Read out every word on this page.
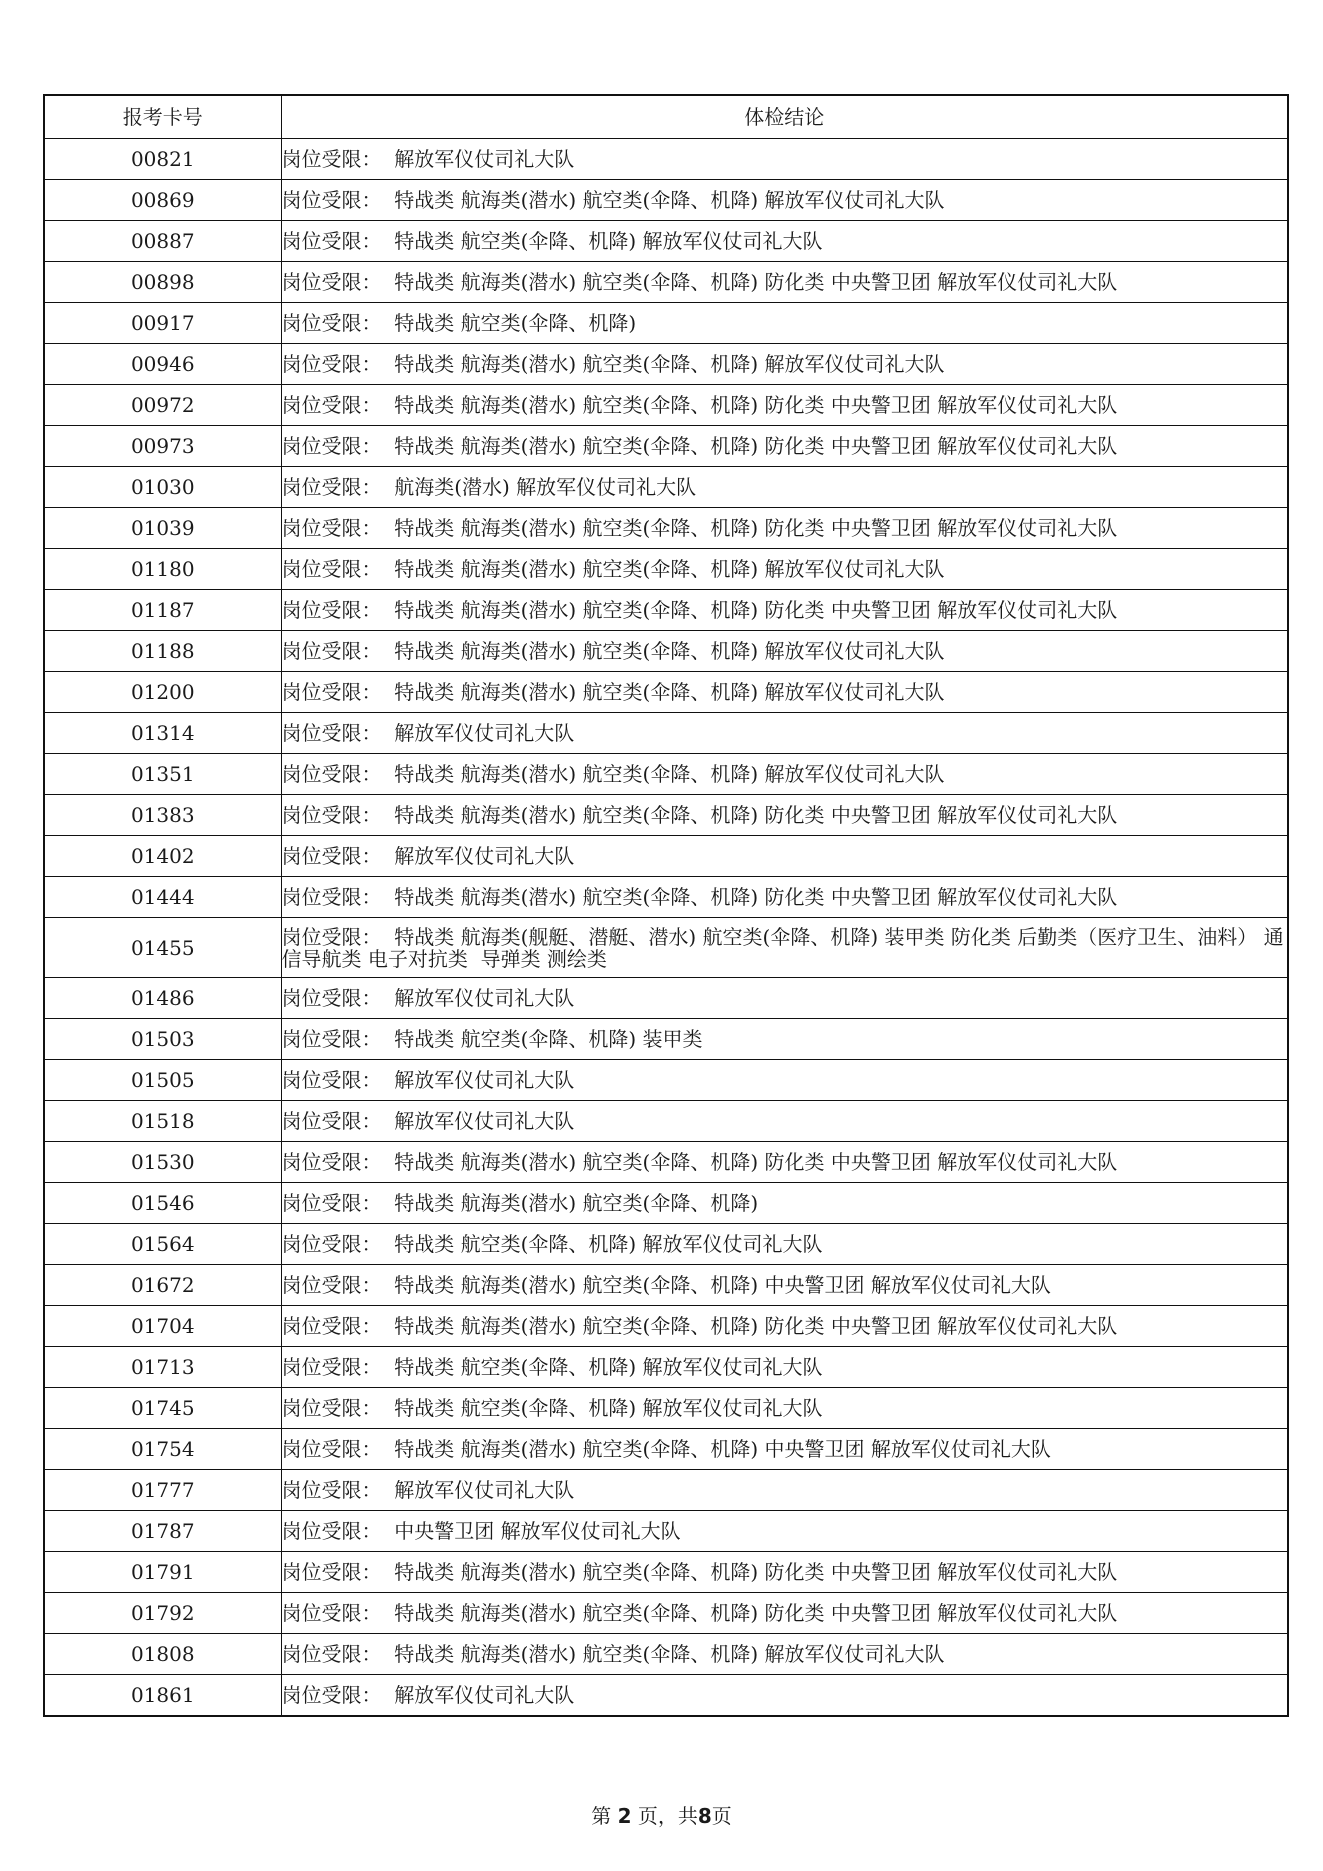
报考卡号	体检结论
00821	岗位受限：  解放军仪仗司礼大队
00869	岗位受限：  特战类 航海类(潜水) 航空类(伞降、机降) 解放军仪仗司礼大队
00887	岗位受限：  特战类 航空类(伞降、机降) 解放军仪仗司礼大队
00898	岗位受限：  特战类 航海类(潜水) 航空类(伞降、机降) 防化类 中央警卫团 解放军仪仗司礼大队
00917	岗位受限：  特战类 航空类(伞降、机降)
00946	岗位受限：  特战类 航海类(潜水) 航空类(伞降、机降) 解放军仪仗司礼大队
00972	岗位受限：  特战类 航海类(潜水) 航空类(伞降、机降) 防化类 中央警卫团 解放军仪仗司礼大队
00973	岗位受限：  特战类 航海类(潜水) 航空类(伞降、机降) 防化类 中央警卫团 解放军仪仗司礼大队
01030	岗位受限：  航海类(潜水) 解放军仪仗司礼大队
01039	岗位受限：  特战类 航海类(潜水) 航空类(伞降、机降) 防化类 中央警卫团 解放军仪仗司礼大队
01180	岗位受限：  特战类 航海类(潜水) 航空类(伞降、机降) 解放军仪仗司礼大队
01187	岗位受限：  特战类 航海类(潜水) 航空类(伞降、机降) 防化类 中央警卫团 解放军仪仗司礼大队
01188	岗位受限：  特战类 航海类(潜水) 航空类(伞降、机降) 解放军仪仗司礼大队
01200	岗位受限：  特战类 航海类(潜水) 航空类(伞降、机降) 解放军仪仗司礼大队
01314	岗位受限：  解放军仪仗司礼大队
01351	岗位受限：  特战类 航海类(潜水) 航空类(伞降、机降) 解放军仪仗司礼大队
01383	岗位受限：  特战类 航海类(潜水) 航空类(伞降、机降) 防化类 中央警卫团 解放军仪仗司礼大队
01402	岗位受限：  解放军仪仗司礼大队
01444	岗位受限：  特战类 航海类(潜水) 航空类(伞降、机降) 防化类 中央警卫团 解放军仪仗司礼大队
01455	岗位受限：  特战类 航海类(舰艇、潜艇、潜水) 航空类(伞降、机降) 装甲类 防化类 后勤类（医疗卫生、油料） 通信导航类 电子对抗类  导弹类 测绘类
01486	岗位受限：  解放军仪仗司礼大队
01503	岗位受限：  特战类 航空类(伞降、机降) 装甲类
01505	岗位受限：  解放军仪仗司礼大队
01518	岗位受限：  解放军仪仗司礼大队
01530	岗位受限：  特战类 航海类(潜水) 航空类(伞降、机降) 防化类 中央警卫团 解放军仪仗司礼大队
01546	岗位受限：  特战类 航海类(潜水) 航空类(伞降、机降)
01564	岗位受限：  特战类 航空类(伞降、机降) 解放军仪仗司礼大队
01672	岗位受限：  特战类 航海类(潜水) 航空类(伞降、机降) 中央警卫团 解放军仪仗司礼大队
01704	岗位受限：  特战类 航海类(潜水) 航空类(伞降、机降) 防化类 中央警卫团 解放军仪仗司礼大队
01713	岗位受限：  特战类 航空类(伞降、机降) 解放军仪仗司礼大队
01745	岗位受限：  特战类 航空类(伞降、机降) 解放军仪仗司礼大队
01754	岗位受限：  特战类 航海类(潜水) 航空类(伞降、机降) 中央警卫团 解放军仪仗司礼大队
01777	岗位受限：  解放军仪仗司礼大队
01787	岗位受限：  中央警卫团 解放军仪仗司礼大队
01791	岗位受限：  特战类 航海类(潜水) 航空类(伞降、机降) 防化类 中央警卫团 解放军仪仗司礼大队
01792	岗位受限：  特战类 航海类(潜水) 航空类(伞降、机降) 防化类 中央警卫团 解放军仪仗司礼大队
01808	岗位受限：  特战类 航海类(潜水) 航空类(伞降、机降) 解放军仪仗司礼大队
01861	岗位受限：  解放军仪仗司礼大队
第 2 页，共8页
